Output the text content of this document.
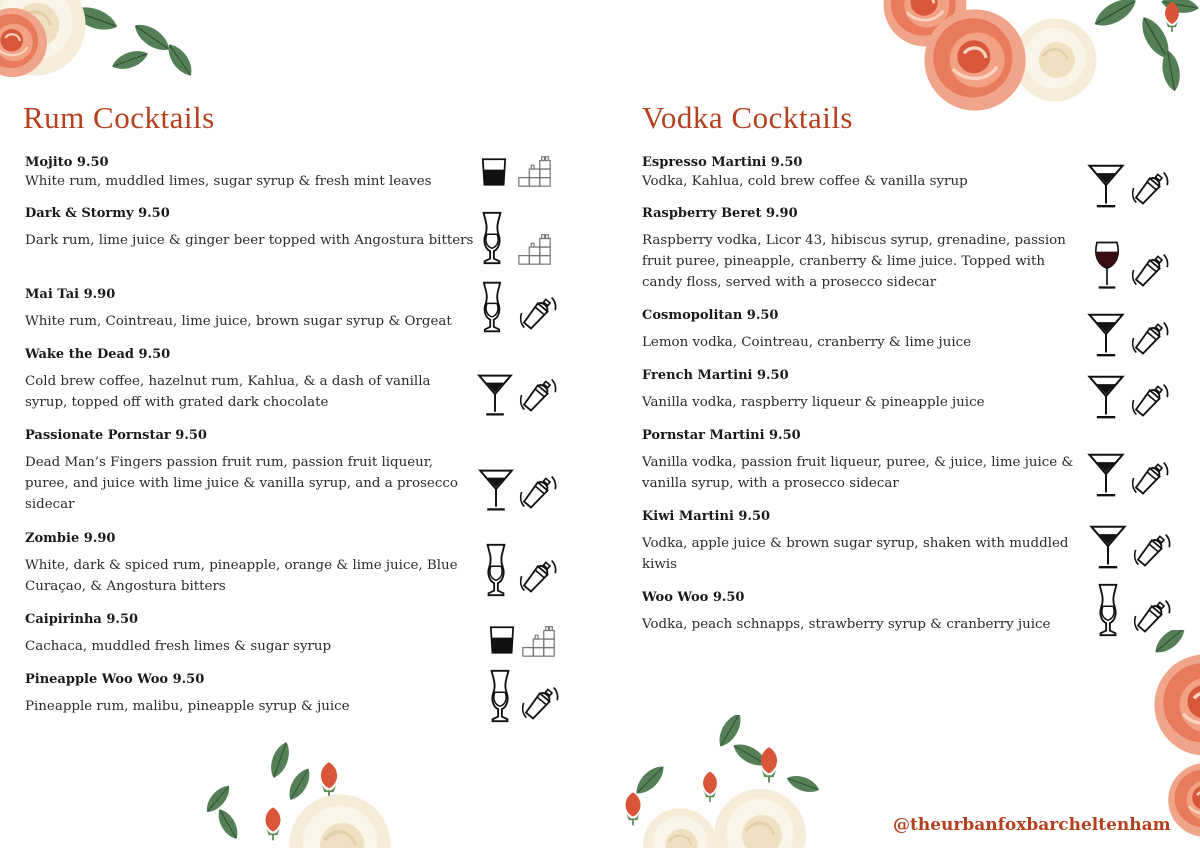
Rum Cocktails
Mojito 9.50
White rum, muddled limes, sugar syrup & fresh mint leaves
Dark & Stormy 9.50
Dark rum, lime juice & ginger beer topped with Angostura bitters
Mai Tai 9.90
White rum, Cointreau, lime juice, brown sugar syrup & Orgeat
Wake the Dead 9.50
Cold brew coffee, hazelnut rum, Kahlua, & a dash of vanilla syrup, topped off with grated dark chocolate
Passionate Pornstar 9.50
Dead Man’s Fingers passion fruit rum, passion fruit liqueur, puree, and juice with lime juice & vanilla syrup, and a prosecco sidecar
Zombie 9.90
White, dark & spiced rum, pineapple, orange & lime juice, Blue Curaçao, & Angostura bitters
Caipirinha 9.50
Cachaca, muddled fresh limes & sugar syrup
Pineapple Woo Woo 9.50
Pineapple rum, malibu, pineapple syrup & juice
Vodka Cocktails
Espresso Martini 9.50
Vodka, Kahlua, cold brew coffee & vanilla syrup
Raspberry Beret 9.90
Raspberry vodka, Licor 43, hibiscus syrup, grenadine, passion fruit puree, pineapple, cranberry & lime juice. Topped with candy floss, served with a prosecco sidecar
Cosmopolitan 9.50
Lemon vodka, Cointreau, cranberry & lime juice
French Martini 9.50
Vanilla vodka, raspberry liqueur & pineapple juice
Pornstar Martini 9.50
Vanilla vodka, passion fruit liqueur, puree, & juice, lime juice & vanilla syrup, with a prosecco sidecar
Kiwi Martini 9.50
Vodka, apple juice & brown sugar syrup, shaken with muddled kiwis
Woo Woo 9.50
Vodka, peach schnapps, strawberry syrup & cranberry juice
@theurbanfoxbarcheltenham
